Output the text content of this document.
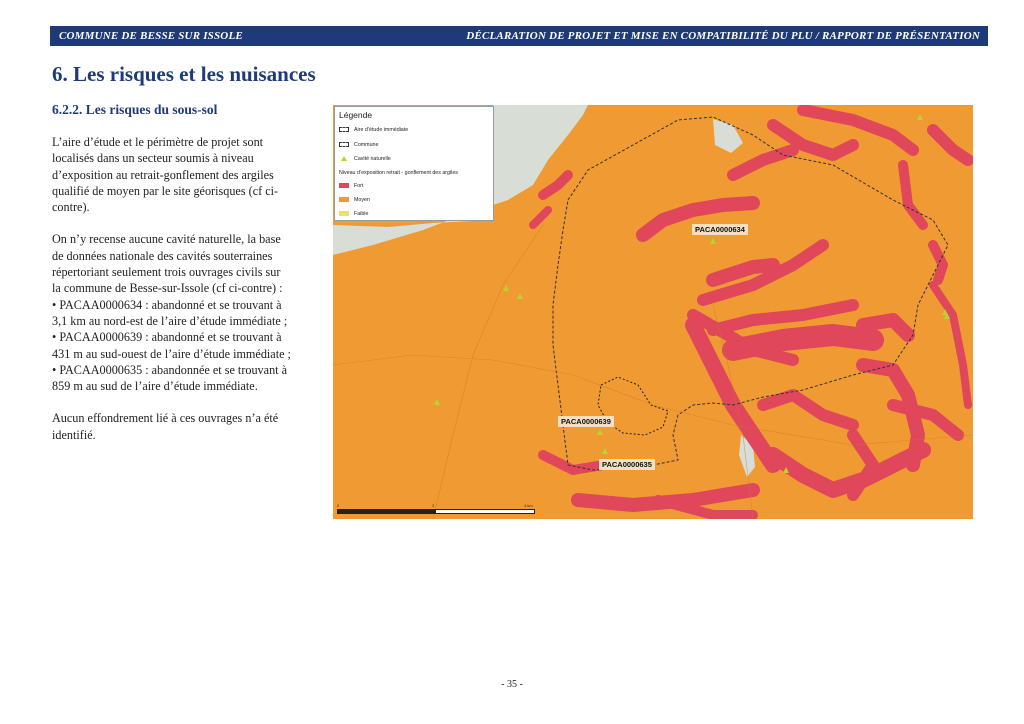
COMMUNE DE BESSE SUR ISSOLE	DÉCLARATION DE PROJET ET MISE EN COMPATIBILITÉ DU PLU / RAPPORT DE PRÉSENTATION
6. Les risques et les nuisances
6.2.2. Les risques du sous-sol

L’aire d’étude et le périmètre de projet sont
localisés dans un secteur soumis à niveau
d’exposition au retrait-gonflement des argiles
qualifié de moyen par le site géorisques (cf ci-
contre).

On n’y recense aucune cavité naturelle, la base
de données nationale des cavités souterraines
répertoriant seulement trois ouvrages civils sur
la commune de Besse-sur-Issole (cf ci-contre) :
• PACAA0000634 : abandonné et se trouvant à
3,1 km au nord-est de l’aire d’étude immédiate ;
• PACAA0000639 : abandonné et se trouvant à
431 m au sud-ouest de l’aire d’étude immédiate ;
• PACAA0000635 : abandonnée et se trouvant à
859 m au sud de l’aire d’étude immédiate.

Aucun effondrement lié à ces ouvrages n’a été
identifié.

Légende
Aire d’étude immédiate
Commune
Cavité naturelle
Niveau d’exposition retrait - gonflement des argiles
Fort
Moyen
Faible
PACA0000634
PACA0000639
PACA0000635
0	2	4 km
- 35 -
